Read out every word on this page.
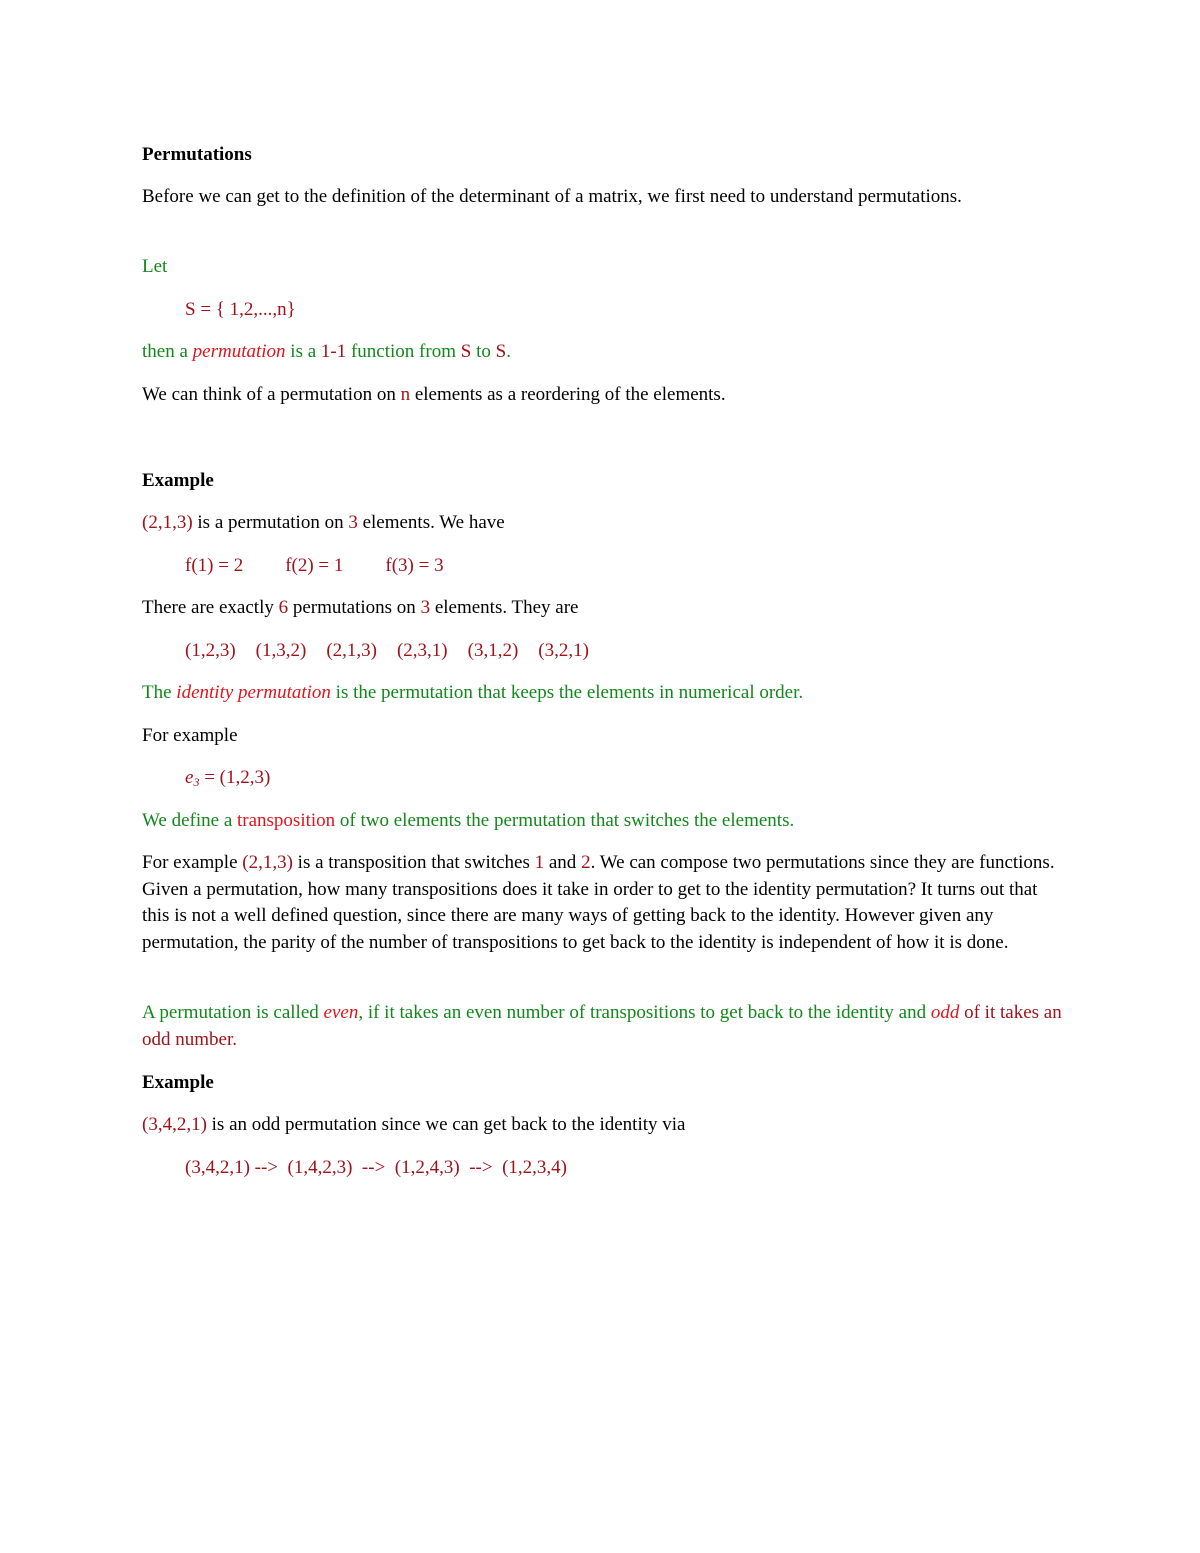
Permutations

Before we can get to the definition of the determinant of a matrix, we first need to understand permutations.

Let

S = { 1,2,...,n}

then a permutation is a 1-1 function from S to S.

We can think of a permutation on n elements as a reordering of the elements.

Example

(2,1,3) is a permutation on 3 elements. We have

f(1) = 2 f(2) = 1 f(3) = 3

There are exactly 6 permutations on 3 elements. They are

(1,2,3) (1,3,2) (2,1,3) (2,3,1) (3,1,2) (3,2,1)

The identity permutation is the permutation that keeps the elements in numerical order.

For example

$e_3 = (1,2,3)$

We define a transposition of two elements the permutation that switches the elements.

For example (2,1,3) is a transposition that switches 1 and 2. We can compose two permutations since they are functions. Given a permutation, how many transpositions does it take in order to get to the identity permutation? It turns out that this is not a well defined question, since there are many ways of getting back to the identity. However given any permutation, the parity of the number of transpositions to get back to the identity is independent of how it is done.

A permutation is called even, if it takes an even number of transpositions to get back to the identity and odd of it takes an odd number.

Example

(3,4,2,1) is an odd permutation since we can get back to the identity via

(3,4,2,1) -->  (1,4,2,3)  -->  (1,2,4,3)  -->  (1,2,3,4)
